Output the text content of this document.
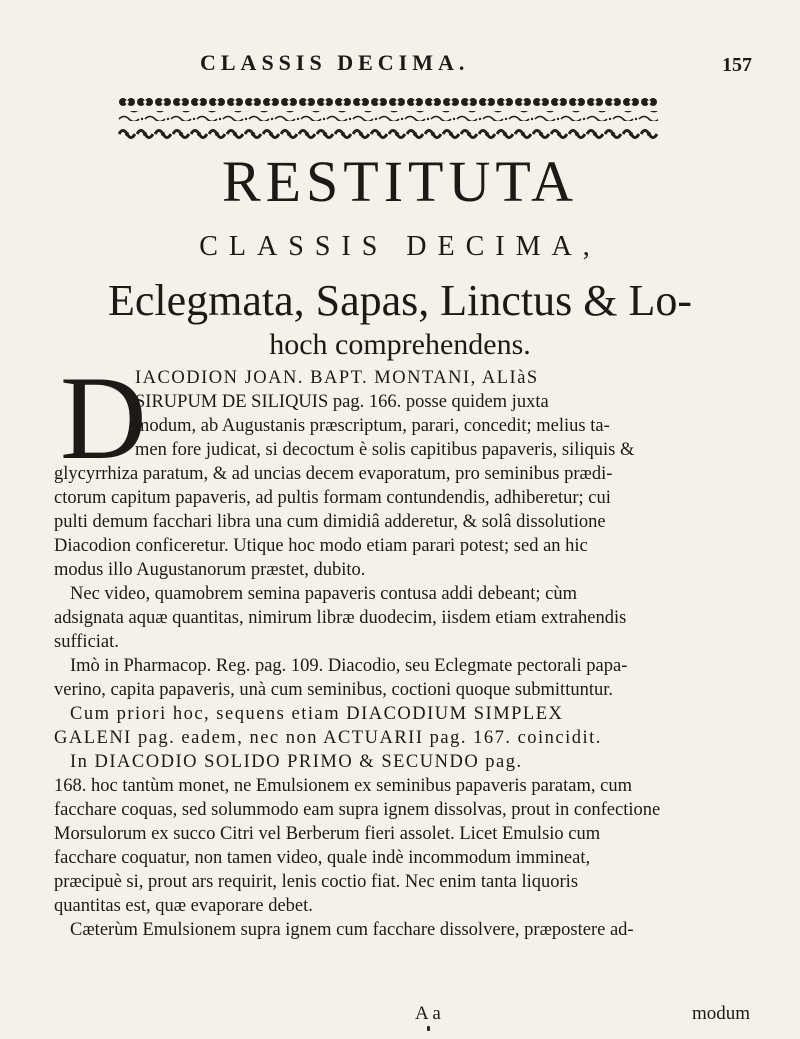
CLASSIS DECIMA.	157
RESTITUTA
CLASSIS DECIMA,
Eclegmata, Sapas, Linctus & Lo-
hoch comprehendens.
D
IACODION JOAN. BAPT. MONTANI, ALIàS
SIRUPUM DE SILIQUIS pag. 166. posse quidem juxta
modum, ab Augustanis præscriptum, parari, concedit; melius ta-
men fore judicat, si decoctum è solis capitibus papaveris, siliquis &
glycyrrhiza paratum, & ad uncias decem evaporatum, pro seminibus prædi-
ctorum capitum papaveris, ad pultis formam contundendis, adhiberetur; cui
pulti demum facchari libra una cum dimidiâ adderetur, & solâ dissolutione
Diacodion conficeretur. Utique hoc modo etiam parari potest; sed an hic
modus illo Augustanorum præstet, dubito.
Nec video, quamobrem semina papaveris contusa addi debeant; cùm
adsignata aquæ quantitas, nimirum libræ duodecim, iisdem etiam extrahendis
sufficiat.
Imò in Pharmacop. Reg. pag. 109. Diacodio, seu Eclegmate pectorali papa-
verino, capita papaveris, unà cum seminibus, coctioni quoque submittuntur.
Cum priori hoc, sequens etiam DIACODIUM SIMPLEX
GALENI pag. eadem, nec non ACTUARII pag. 167. coincidit.
In DIACODIO SOLIDO PRIMO & SECUNDO pag.
168. hoc tantùm monet, ne Emulsionem ex seminibus papaveris paratam, cum
facchare coquas, sed solummodo eam supra ignem dissolvas, prout in confectione
Morsulorum ex succo Citri vel Berberum fieri assolet. Licet Emulsio cum
facchare coquatur, non tamen video, quale indè incommodum immineat,
præcipuè si, prout ars requirit, lenis coctio fiat. Nec enim tanta liquoris
quantitas est, quæ evaporare debet.
Cæterùm Emulsionem supra ignem cum facchare dissolvere, præpostere ad-
A a	modum
